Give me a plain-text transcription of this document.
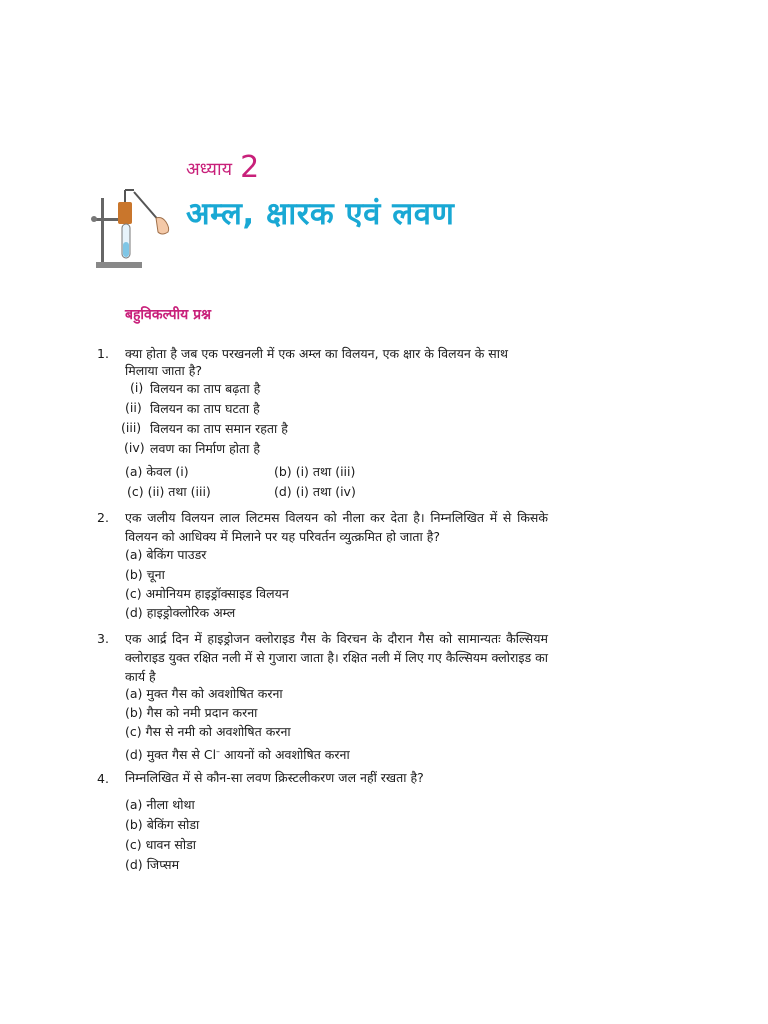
अध्याय 2
अम्ल, क्षारक एवं लवण
बहुविकल्पीय प्रश्न
1. क्या होता है जब एक परखनली में एक अम्ल का विलयन, एक क्षार के विलयन के साथ
मिलाया जाता है?
(i) विलयन का ताप बढ़ता है
(ii) विलयन का ताप घटता है
(iii) विलयन का ताप समान रहता है
(iv) लवण का निर्माण होता है
(a) केवल (i)	(b) (i) तथा (iii)
(c) (ii) तथा (iii)	(d) (i) तथा (iv)
2. एक जलीय विलयन लाल लिटमस विलयन को नीला कर देता है। निम्नलिखित में से किसके विलयन को आधिक्य में मिलाने पर यह परिवर्तन व्युत्क्रमित हो जाता है?
(a) बेकिंग पाउडर
(b) चूना
(c) अमोनियम हाइड्रॉक्साइड विलयन
(d) हाइड्रोक्लोरिक अम्ल
3. एक आर्द्र दिन में हाइड्रोजन क्लोराइड गैस के विरचन के दौरान गैस को सामान्यतः कैल्सियम क्लोराइड युक्त रक्षित नली में से गुजारा जाता है। रक्षित नली में लिए गए कैल्सियम क्लोराइड का कार्य है
(a) मुक्त गैस को अवशोषित करना
(b) गैस को नमी प्रदान करना
(c) गैस से नमी को अवशोषित करना
(d) मुक्त गैस से Cl– आयनों को अवशोषित करना
4. निम्नलिखित में से कौन-सा लवण क्रिस्टलीकरण जल नहीं रखता है?
(a) नीला थोथा
(b) बेकिंग सोडा
(c) धावन सोडा
(d) जिप्सम
